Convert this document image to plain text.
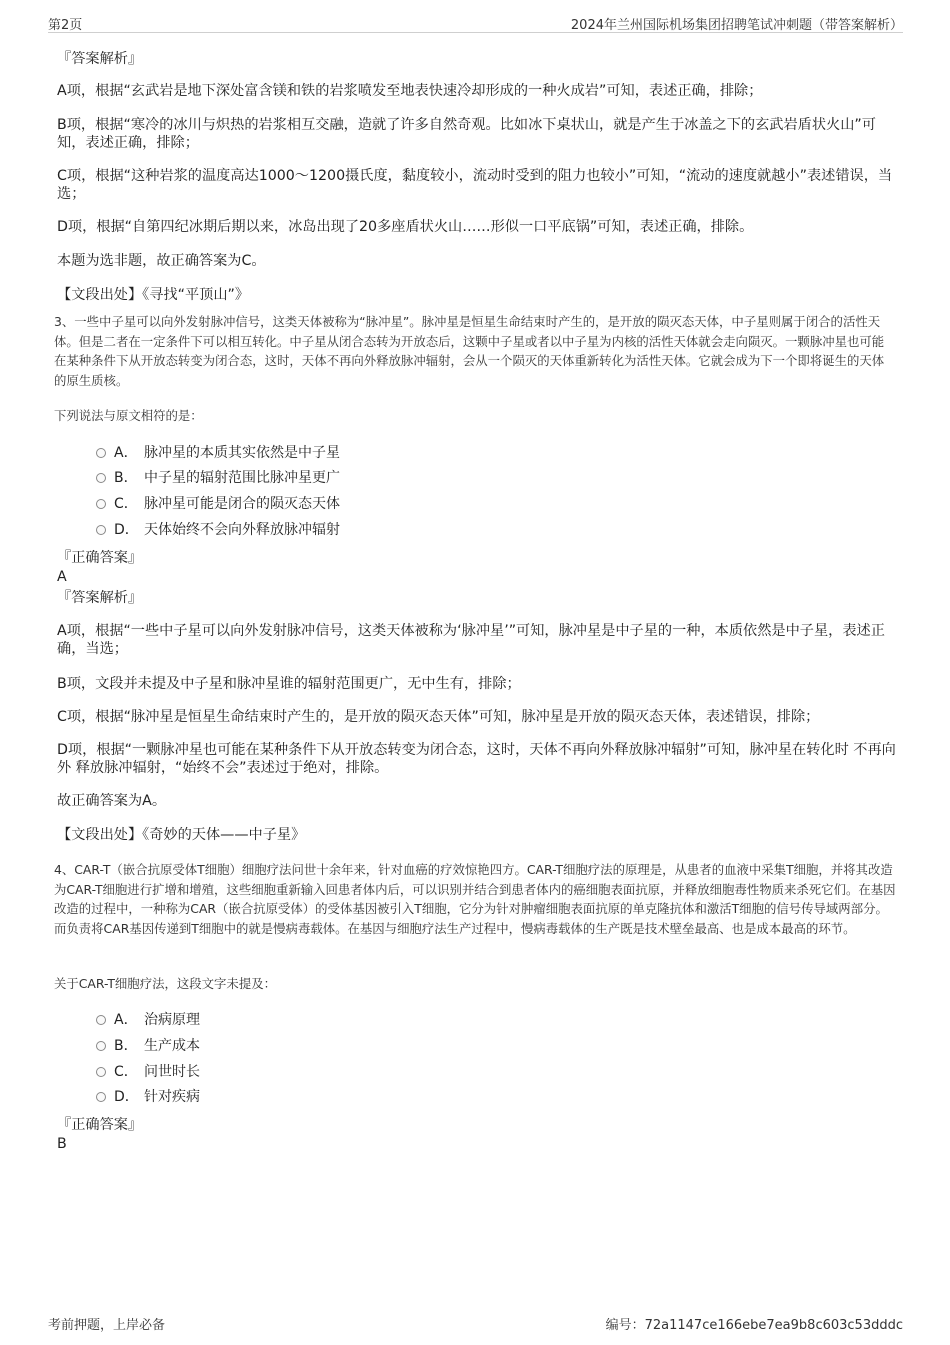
第2页	2024年兰州国际机场集团招聘笔试冲刺题（带答案解析）
『答案解析』
A项，根据“玄武岩是地下深处富含镁和铁的岩浆喷发至地表快速冷却形成的一种火成岩”可知，表述正确，排除；
B项，根据“寒冷的冰川与炽热的岩浆相互交融，造就了许多自然奇观。比如冰下桌状山，就是产生于冰盖之下的玄武岩盾状火山”可知，表述正确，排除；
C项，根据“这种岩浆的温度高达1000～1200摄氏度，黏度较小，流动时受到的阻力也较小”可知，“流动的速度就越小”表述错误，当选；
D项，根据“自第四纪冰期后期以来，冰岛出现了20多座盾状火山……形似一口平底锅”可知，表述正确，排除。
本题为选非题，故正确答案为C。
【文段出处】《寻找“平顶山”》
3、一些中子星可以向外发射脉冲信号，这类天体被称为“脉冲星”。脉冲星是恒星生命结束时产生的，是开放的陨灭态天体，中子星则属于闭合的活性天体。但是二者在一定条件下可以相互转化。中子星从闭合态转为开放态后，这颗中子星或者以中子星为内核的活性天体就会走向陨灭。一颗脉冲星也可能在某种条件下从开放态转变为闭合态，这时，天体不再向外释放脉冲辐射，会从一个陨灭的天体重新转化为活性天体。它就会成为下一个即将诞生的天体的原生质核。
下列说法与原文相符的是：
A． 脉冲星的本质其实依然是中子星
B． 中子星的辐射范围比脉冲星更广
C． 脉冲星可能是闭合的陨灭态天体
D． 天体始终不会向外释放脉冲辐射
『正确答案』
A
『答案解析』
A项，根据“一些中子星可以向外发射脉冲信号，这类天体被称为‘脉冲星’”可知，脉冲星是中子星的一种，本质依然是中子星，表述正确，当选；
B项，文段并未提及中子星和脉冲星谁的辐射范围更广，无中生有，排除；
C项，根据“脉冲星是恒星生命结束时产生的，是开放的陨灭态天体”可知，脉冲星是开放的陨灭态天体，表述错误，排除；
D项，根据“一颗脉冲星也可能在某种条件下从开放态转变为闭合态，这时，天体不再向外释放脉冲辐射”可知，脉冲星在转化时 不再向外 释放脉冲辐射，“始终不会”表述过于绝对，排除。
故正确答案为A。
【文段出处】《奇妙的天体——中子星》
4、CAR-T（嵌合抗原受体T细胞）细胞疗法问世十余年来，针对血癌的疗效惊艳四方。CAR-T细胞疗法的原理是，从患者的血液中采集T细胞，并将其改造为CAR-T细胞进行扩增和增殖，这些细胞重新输入回患者体内后，可以识别并结合到患者体内的癌细胞表面抗原，并释放细胞毒性物质来杀死它们。在基因改造的过程中，一种称为CAR（嵌合抗原受体）的受体基因被引入T细胞，它分为针对肿瘤细胞表面抗原的单克隆抗体和激活T细胞的信号传导域两部分。而负责将CAR基因传递到T细胞中的就是慢病毒载体。在基因与细胞疗法生产过程中，慢病毒载体的生产既是技术壁垒最高、也是成本最高的环节。
关于CAR-T细胞疗法，这段文字未提及：
A． 治病原理
B． 生产成本
C． 问世时长
D． 针对疾病
『正确答案』
B
考前押题，上岸必备	编号：72a1147ce166ebe7ea9b8c603c53dddc
